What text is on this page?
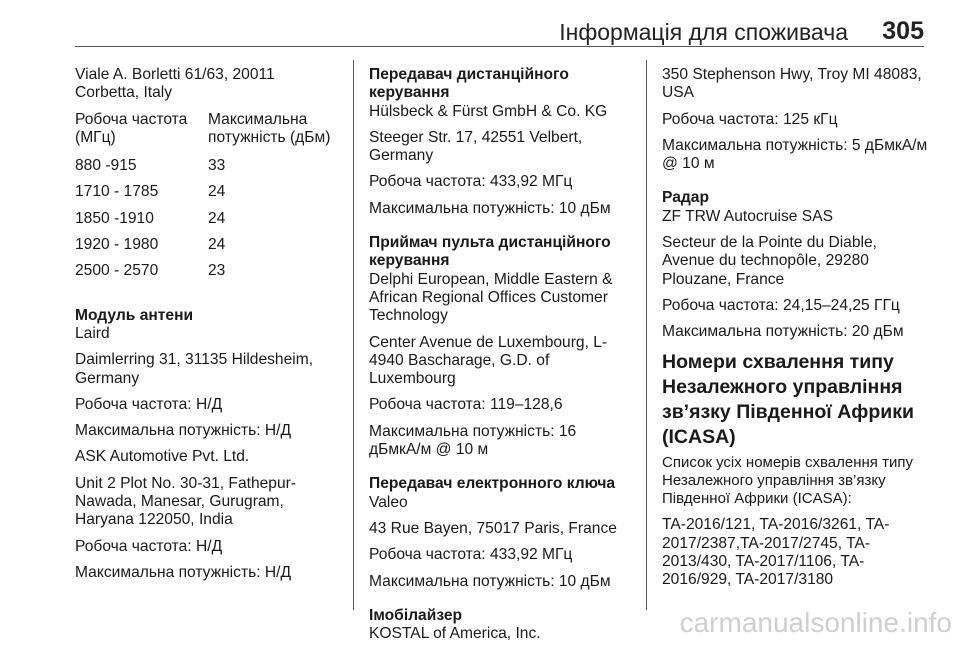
Інформація для споживача 305

Viale A. Borletti 61/63, 20011 Corbetta, Italy

Робоча частота (МГц)	Максимальна потужність (дБм)
880 -915	33
1710 - 1785	24
1850 -1910	24
1920 - 1980	24
2500 - 2570	23

Модуль антени

Laird

Daimlerring 31, 31135 Hildesheim, Germany

Робоча частота: Н/Д

Максимальна потужність: Н/Д

ASK Automotive Pvt. Ltd.

Unit 2 Plot No. 30-31, Fathepur-Nawada, Manesar, Gurugram, Haryana 122050, India

Робоча частота: Н/Д

Максимальна потужність: Н/Д

Передавач дистанційного керування

Hülsbeck & Fürst GmbH & Co. KG

Steeger Str. 17, 42551 Velbert, Germany

Робоча частота: 433,92 МГц

Максимальна потужність: 10 дБм

Приймач пульта дистанційного керування

Delphi European, Middle Eastern & African Regional Offices Customer Technology

Center Avenue de Luxembourg, L-4940 Bascharage, G.D. of Luxembourg

Робоча частота: 119–128,6

Максимальна потужність: 16 дБмкА/м @ 10 м

Передавач електронного ключа

Valeo

43 Rue Bayen, 75017 Paris, France

Робоча частота: 433,92 МГц

Максимальна потужність: 10 дБм

Імобілайзер

KOSTAL of America, Inc.

350 Stephenson Hwy, Troy MI 48083, USA

Робоча частота: 125 кГц

Максимальна потужність: 5 дБмкА/м @ 10 м

Радар

ZF TRW Autocruise SAS

Secteur de la Pointe du Diable, Avenue du technopôle, 29280 Plouzane, France

Робоча частота: 24,15–24,25 ГГц

Максимальна потужність: 20 дБм

Номери схвалення типу Незалежного управління зв’язку Південної Африки (ICASA)

Список усіх номерів схвалення типу Незалежного управління зв’язку Південної Африки (ICASA):

TA-2016/121, TA-2016/3261, TA-2017/2387,TA-2017/2745, TA-2013/430, TA-2017/1106, TA-2016/929, TA-2017/3180

carmanualsonline.info
